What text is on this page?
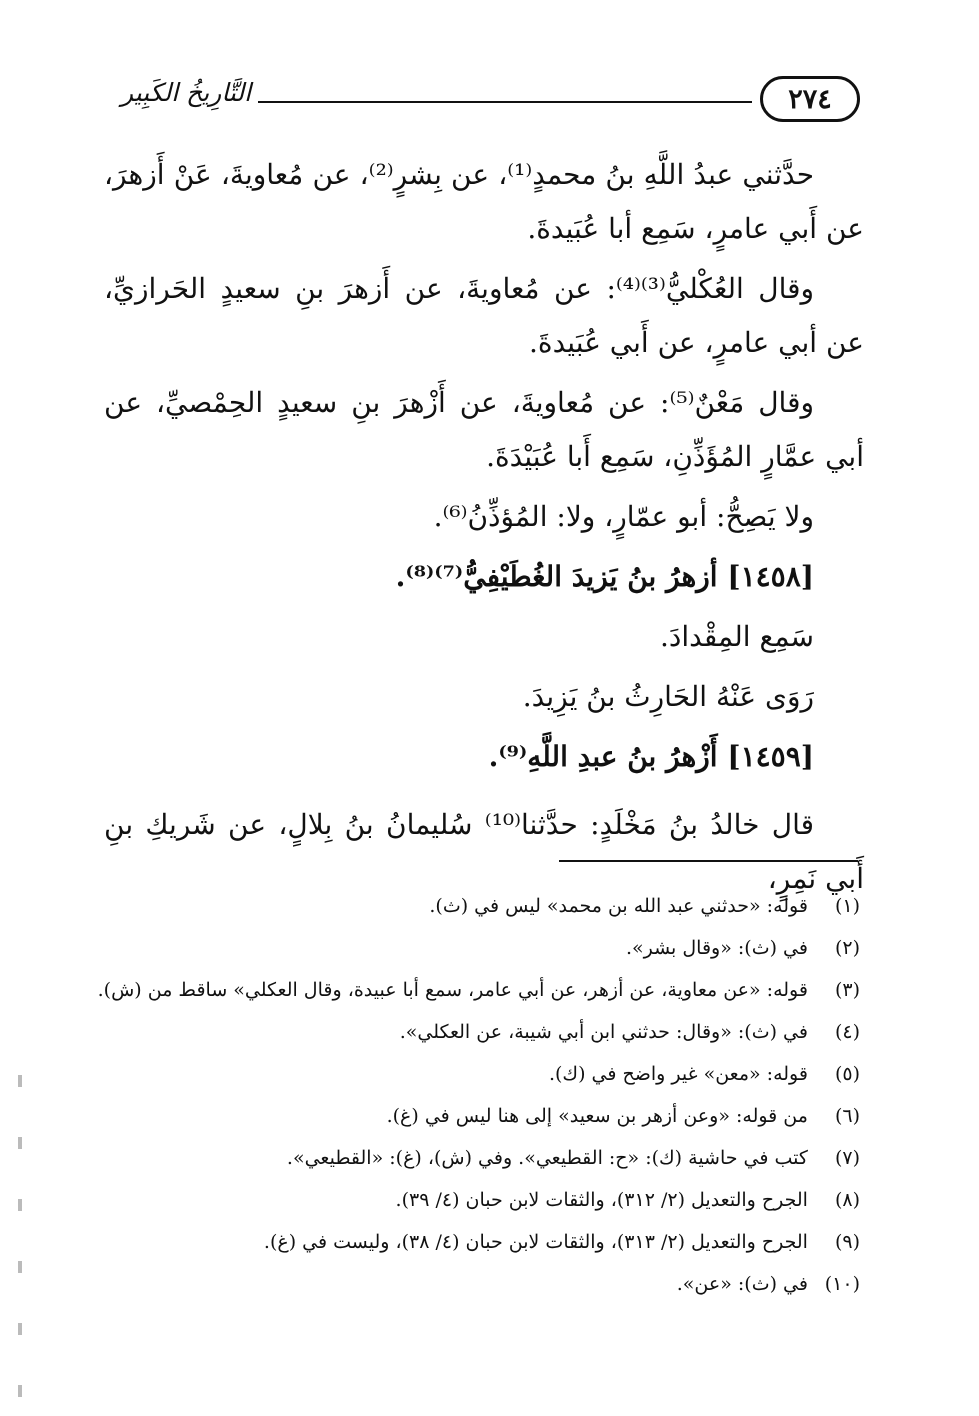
٢٧٤
التَّارِيخُ الكَبِير

حدَّثني عبدُ اللَّهِ بنُ محمدٍ⁽¹⁾، عن بِشرٍ⁽²⁾، عن مُعاويةَ، عَنْ أَزهرَ، عن أَبي عامرٍ، سَمِع أبا عُبَيدةَ.

وقال العُكْليُّ⁽³⁾⁽⁴⁾: عن مُعاويةَ، عن أَزهرَ بنِ سعيدٍ الحَرازيِّ، عن أبي عامرٍ، عن أَبي عُبَيدةَ.

وقال مَعْنٌ⁽⁵⁾: عن مُعاويةَ، عن أَزْهرَ بنِ سعيدٍ الحِمْصيِّ، عن أبي عمَّارٍ المُؤَذِّنِ، سَمِع أَبا عُبَيْدَةَ.

ولا يَصِحُّ: أبو عمّارٍ، ولا: المُؤذِّنُ⁽⁶⁾.

[١٤٥٨] أزهرُ بنُ يَزيدَ الغُطَيْفِيُّ⁽⁷⁾⁽⁸⁾.

سَمِع المِقْدادَ.

رَوَى عَنْهُ الحَارِثُ بنُ يَزِيدَ.

[١٤٥٩] أَزْهرُ بنُ عبدِ اللَّهِ⁽⁹⁾.

قال خالدُ بنُ مَخْلَدٍ: حدَّثنا⁽¹⁰⁾ سُليمانُ بنُ بِلالٍ، عن شَريكِ بنِ أَبي نَمِرٍ،

(١) قوله: «حدثني عبد الله بن محمد» ليس في (ث).
(٢) في (ث): «وقال بشر».
(٣) قوله: «عن معاوية، عن أزهر، عن أبي عامر، سمع أبا عبيدة، وقال العكلي» ساقط من (ش).
(٤) في (ث): «وقال: حدثني ابن أبي شيبة، عن العكلي».
(٥) قوله: «معن» غير واضح في (ك).
(٦) من قوله: «وعن أزهر بن سعيد» إلى هنا ليس في (غ).
(٧) كتب في حاشية (ك): «ح: القطيعي». وفي (ش)، (غ): «القطيعي».
(٨) الجرح والتعديل (٢/ ٣١٢)، والثقات لابن حبان (٤/ ٣٩).
(٩) الجرح والتعديل (٢/ ٣١٣)، والثقات لابن حبان (٤/ ٣٨)، وليست في (غ).
(١٠) في (ث): «عن».
